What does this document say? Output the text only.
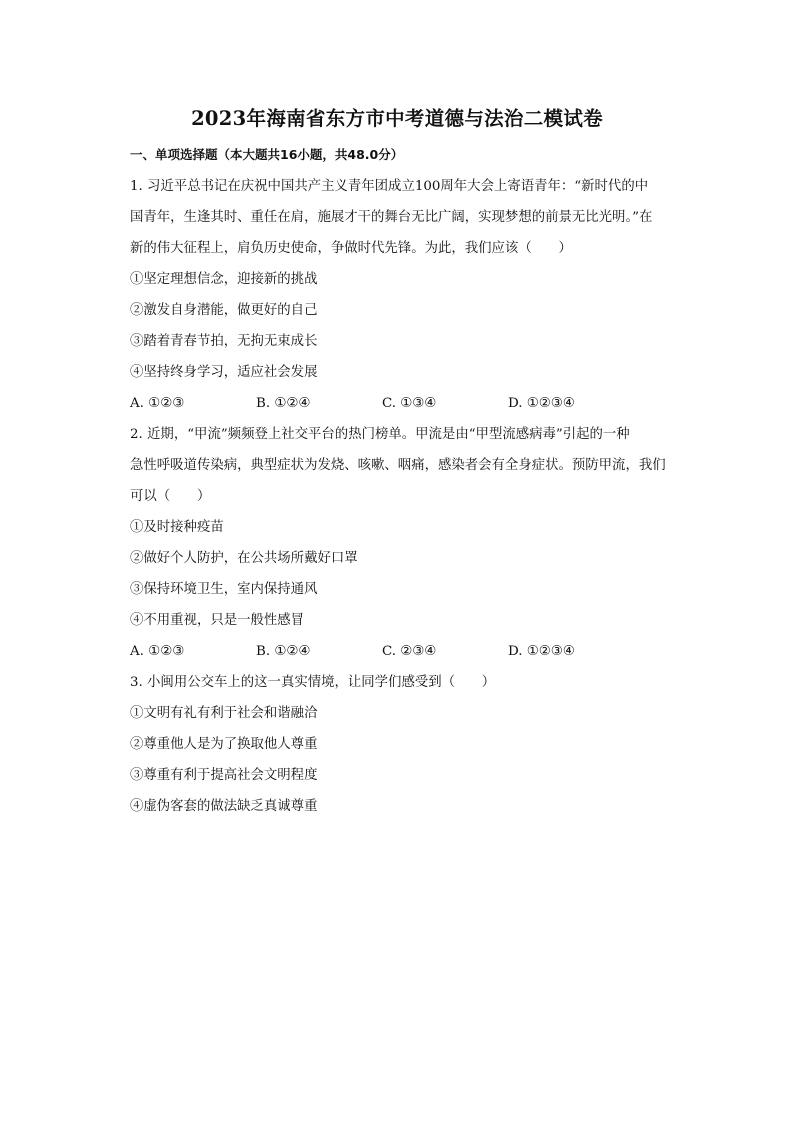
2023年海南省东方市中考道德与法治二模试卷
一、单项选择题（本大题共16小题，共48.0分）
1. 习近平总书记在庆祝中国共产主义青年团成立100周年大会上寄语青年：“新时代的中
国青年，生逢其时、重任在肩，施展才干的舞台无比广阔，实现梦想的前景无比光明。”在
新的伟大征程上，肩负历史使命，争做时代先锋。为此，我们应该（　　）
①坚定理想信念，迎接新的挑战
②激发自身潜能，做更好的自己
③踏着青春节拍，无拘无束成长
④坚持终身学习，适应社会发展
A. ①②③	B. ①②④	C. ①③④	D. ①②③④
2. 近期，“甲流”频频登上社交平台的热门榜单。甲流是由“甲型流感病毒”引起的一种
急性呼吸道传染病，典型症状为发烧、咳嗽、咽痛，感染者会有全身症状。预防甲流，我们
可以（　　）
①及时接种疫苗
②做好个人防护，在公共场所戴好口罩
③保持环境卫生，室内保持通风
④不用重视，只是一般性感冒
A. ①②③	B. ①②④	C. ②③④	D. ①②③④
3. 小闽用公交车上的这一真实情境，让同学们感受到（　　）
①文明有礼有利于社会和谐融洽
②尊重他人是为了换取他人尊重
③尊重有利于提高社会文明程度
④虚伪客套的做法缺乏真诚尊重
